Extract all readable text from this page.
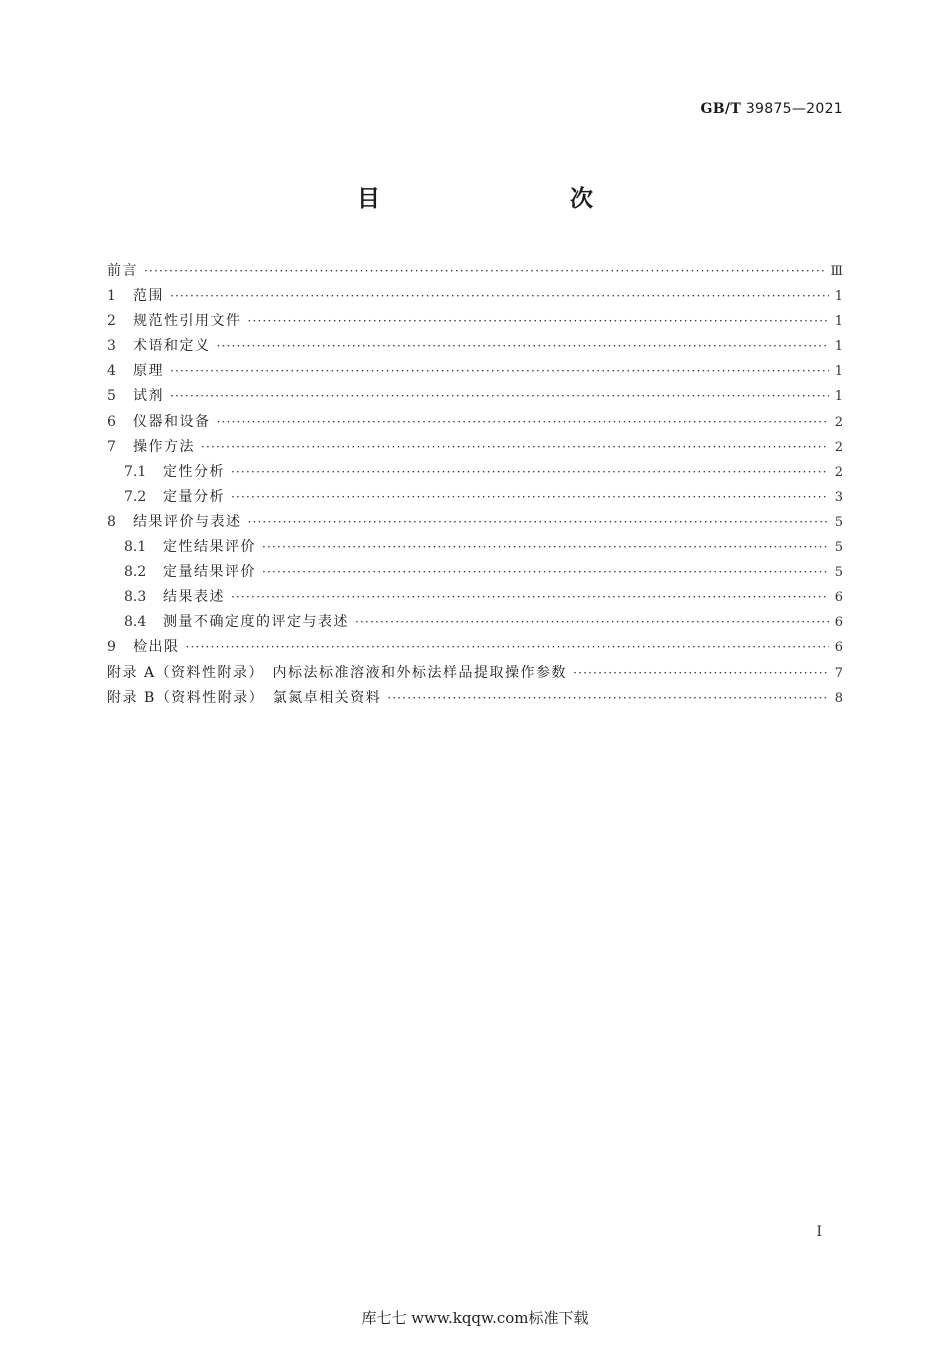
GB/T 39875—2021
目　　次
前言 ·····	Ⅲ
1	范围 ·····	1
2	规范性引用文件 ·····	1
3	术语和定义 ·····	1
4	原理 ·····	1
5	试剂 ·····	1
6	仪器和设备 ·····	2
7	操作方法 ·····	2
7.1	定性分析 ·····	2
7.2	定量分析 ·····	3
8	结果评价与表述 ·····	5
8.1	定性结果评价 ·····	5
8.2	定量结果评价 ·····	5
8.3	结果表述 ·····	6
8.4	测量不确定度的评定与表述 ·····	6
9	检出限 ·····	6
附录 A（资料性附录）　内标法标准溶液和外标法样品提取操作参数 ·····	7
附录 B（资料性附录）　氯氮卓相关资料 ·····	8
Ⅰ
库七七 www.kqqw.com标准下载
